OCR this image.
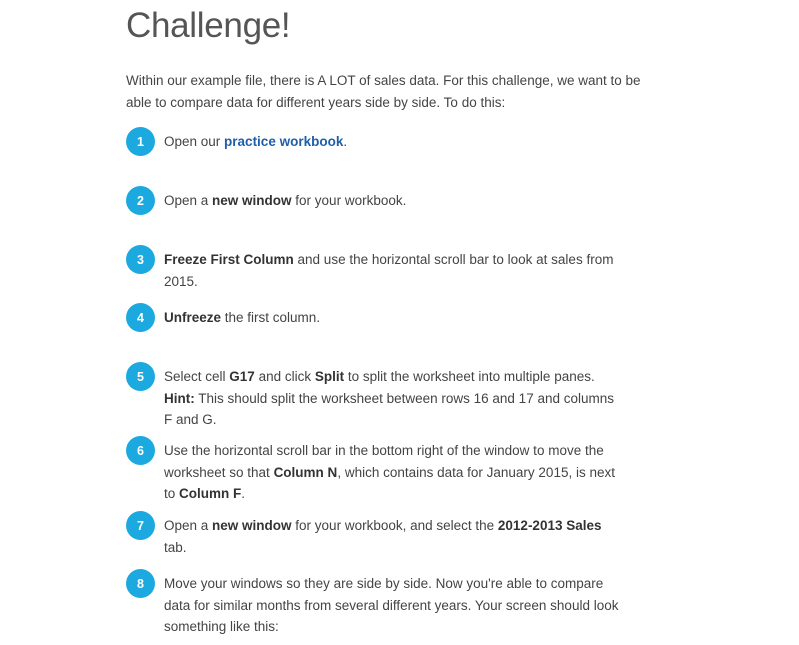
Challenge!

Within our example file, there is A LOT of sales data. For this challenge, we want to be able to compare data for different years side by side. To do this:

1	Open our practice workbook.

2	Open a new window for your workbook.

3	Freeze First Column and use the horizontal scroll bar to look at sales from 2015.

4	Unfreeze the first column.

5	Select cell G17 and click Split to split the worksheet into multiple panes.
Hint: This should split the worksheet between rows 16 and 17 and columns F and G.

6	Use the horizontal scroll bar in the bottom right of the window to move the worksheet so that Column N, which contains data for January 2015, is next to Column F.

7	Open a new window for your workbook, and select the 2012-2013 Sales tab.

8	Move your windows so they are side by side. Now you're able to compare data for similar months from several different years. Your screen should look something like this:
